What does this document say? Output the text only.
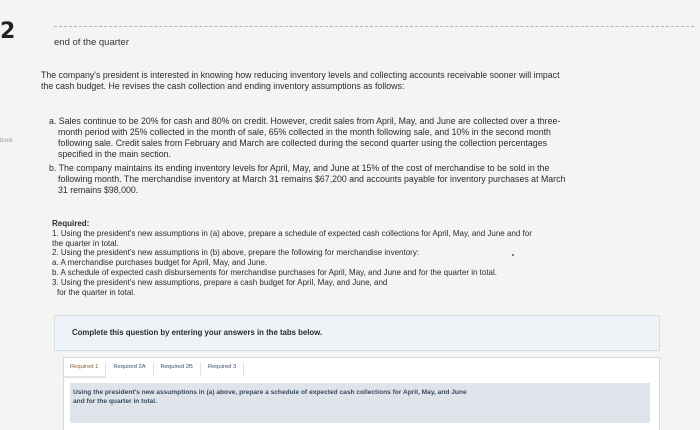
2	end of the quarter
book
The company's president is interested in knowing how reducing inventory levels and collecting accounts receivable sooner will impact
the cash budget. He revises the cash collection and ending inventory assumptions as follows:
a. Sales continue to be 20% for cash and 80% on credit. However, credit sales from April, May, and June are collected over a three-
month period with 25% collected in the month of sale, 65% collected in the month following sale, and 10% in the second month
following sale. Credit sales from February and March are collected during the second quarter using the collection percentages
specified in the main section.
b. The company maintains its ending inventory levels for April, May, and June at 15% of the cost of merchandise to be sold in the
following month. The merchandise inventory at March 31 remains $67,200 and accounts payable for inventory purchases at March
31 remains $98,000.
Required:
1. Using the president's new assumptions in (a) above, prepare a schedule of expected cash collections for April, May, and June and for
the quarter in total.
2. Using the president's new assumptions in (b) above, prepare the following for merchandise inventory:
a. A merchandise purchases budget for April, May, and June.
b. A schedule of expected cash disbursements for merchandise purchases for April, May, and June and for the quarter in total.
3. Using the president's new assumptions, prepare a cash budget for April, May, and June, and
for the quarter in total.
Complete this question by entering your answers in the tabs below.
Required 1	Required 2A	Required 2B	Required 3
Using the president's new assumptions in (a) above, prepare a schedule of expected cash collections for April, May, and June
and for the quarter in total.
